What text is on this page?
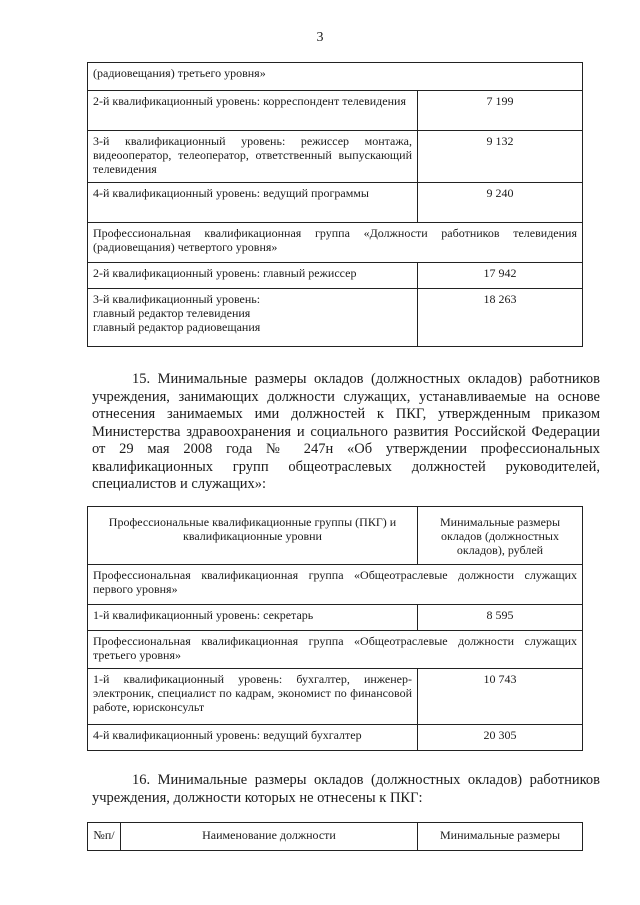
3
(радиовещания) третьего уровня»	
2-й квалификационный уровень: корреспондент телевидения	7 199
3-й квалификационный уровень: режиссер монтажа, видеооператор, телеоператор, ответственный выпускающий телевидения	9 132
4-й квалификационный уровень: ведущий программы	9 240
Профессиональная квалификационная группа «Должности работников телевидения (радиовещания) четвертого уровня»	
2-й квалификационный уровень: главный режиссер	17 942

3-й квалификационный уровень:
главный редактор телевидения
главный редактор радиовещания	18 263
15. Минимальные размеры окладов (должностных окладов) работников учреждения, занимающих должности служащих, устанавливаемые на основе отнесения занимаемых ими должностей к ПКГ, утвержденным приказом Министерства здравоохранения и социального развития Российской Федерации от 29 мая 2008 года № 247н «Об утверждении профессиональных квалификационных групп общеотраслевых должностей руководителей, специалистов и служащих»:
Профессиональные квалификационные группы (ПКГ) и квалификационные уровни	Минимальные размеры окладов (должностных окладов), рублей
Профессиональная квалификационная группа «Общеотраслевые должности служащих первого уровня»	
1-й квалификационный уровень: секретарь	8 595
Профессиональная квалификационная группа «Общеотраслевые должности служащих третьего уровня»	
1-й квалификационный уровень: бухгалтер, инженер-электроник, специалист по кадрам, экономист по финансовой работе, юрисконсульт	10 743
4-й квалификационный уровень: ведущий бухгалтер	20 305
16. Минимальные размеры окладов (должностных окладов) работников учреждения, должности которых не отнесены к ПКГ:
№п/	Наименование должности	Минимальные размеры
